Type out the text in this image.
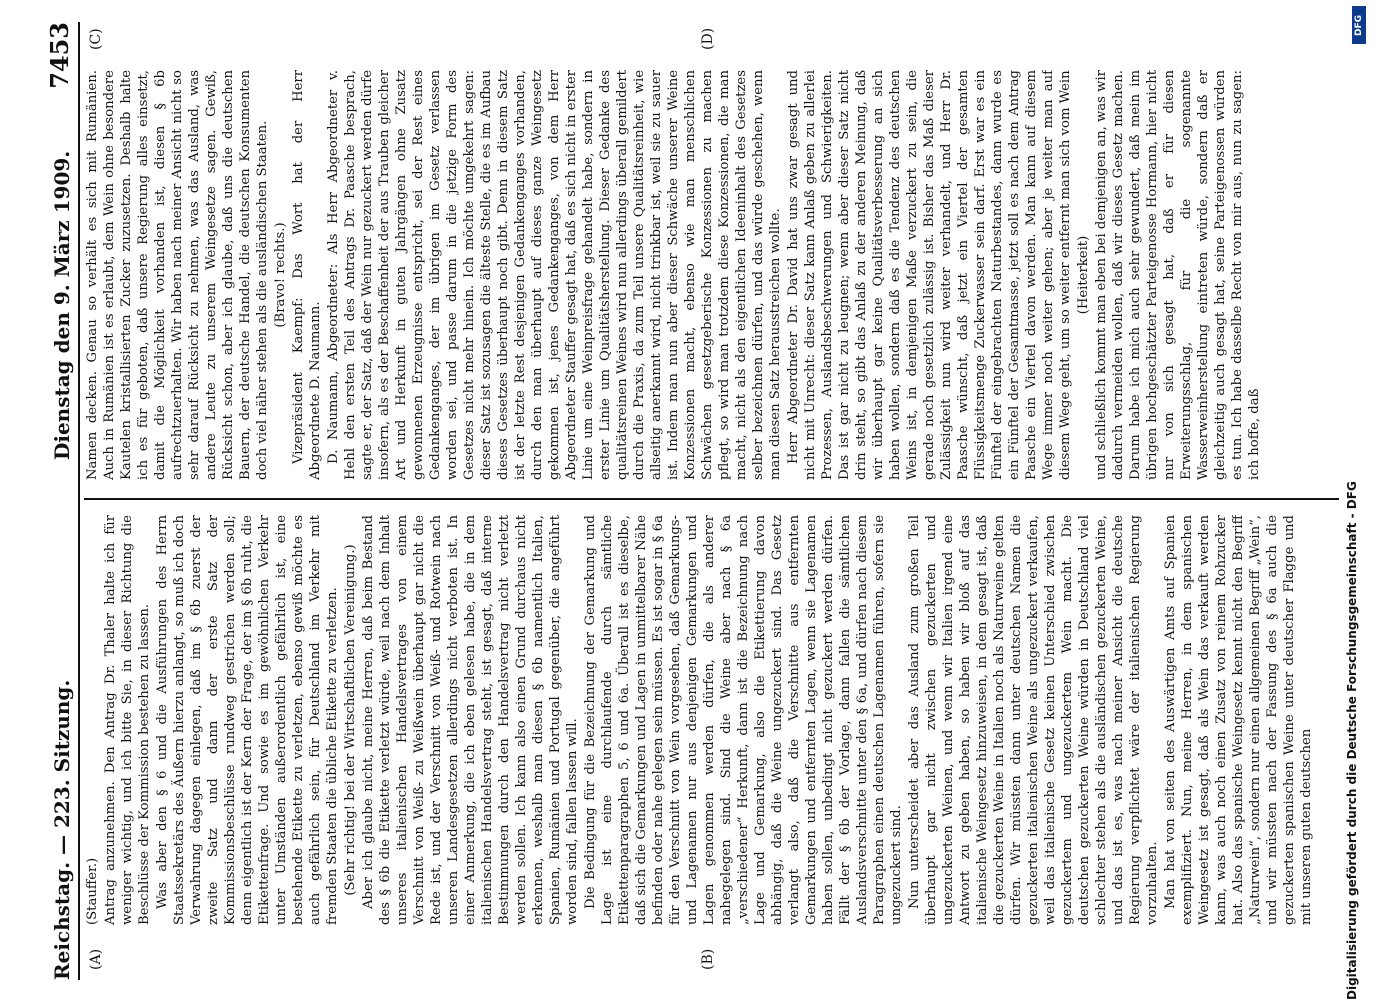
Reichstag. — 223. Sitzung.
Dienstag den 9. März 1909.
7453
(A)	(B)
(C)	(D)

(Stauffer.) Antrag anzunehmen. Den Antrag Dr. Thaler halte ich für weniger wichtig, und ich bitte Sie, in dieser Richtung die Beschlüsse der Kommission bestehen zu lassen. Was aber den § 6 und die Ausführungen des Herrn Staatssekretärs des Äußern hierzu anlangt, so muß ich doch Verwahrung dagegen einlegen, daß im § 6b zuerst der zweite Satz und dann der erste Satz der Kommissionsbeschlüsse rundweg gestrichen werden soll; denn eigentlich ist der Kern der Frage, der im § 6b ruht, die Etikettenfrage. Und sowie es im gewöhnlichen Verkehr unter Umständen außerordentlich gefährlich ist, eine bestehende Etikette zu verletzen, ebenso gewiß möchte es auch gefährlich sein, für Deutschland im Verkehr mit fremden Staaten die übliche Etikette zu verletzen. (Sehr richtig! bei der Wirtschaftlichen Vereinigung.) Aber ich glaube nicht, meine Herren, daß beim Bestand des § 6b die Etikette verletzt würde, weil nach dem Inhalt unseres italienischen Handelsvertrages von einem Verschnitt von Weiß- zu Weißwein überhaupt gar nicht die Rede ist, und der Verschnitt von Weiß- und Rotwein nach unseren Landesgesetzen allerdings nicht verboten ist. In einer Anmerkung, die ich eben gelesen habe, die in dem italienischen Handelsvertrag steht, ist gesagt, daß interne Bestimmungen durch den Handelsvertrag nicht verletzt werden sollen. Ich kann also einen Grund durchaus nicht erkennen, weshalb man diesen § 6b namentlich Italien, Spanien, Rumänien und Portugal gegenüber, die angeführt worden sind, fallen lassen will. Die Bedingung für die Bezeichnung der Gemarkung und Lage ist eine durchlaufende durch sämtliche Etikettenparagraphen 5, 6 und 6a. Überall ist es dieselbe, daß sich die Gemarkungen und Lagen in unmittelbarer Nähe befinden oder nahe gelegen sein müssen. Es ist sogar in § 6a für den Verschnitt von Wein vorgesehen, daß Gemarkungs- und Lagenamen nur aus denjenigen Gemarkungen und Lagen genommen werden dürfen, die als anderer nahegelegen sind. Sind die Weine aber nach § 6a „verschiedener“ Herkunft, dann ist die Bezeichnung nach Lage und Gemarkung, also die Etikettierung davon abhängig, daß die Weine ungezuckert sind. Das Gesetz verlangt also, daß die Verschnitte aus entfernten Gemarkungen und entfernten Lagen, wenn sie Lagenamen haben sollen, unbedingt nicht gezuckert werden dürfen. Fällt der § 6b der Vorlage, dann fallen die sämtlichen Auslandsverschnitte unter den § 6a, und dürfen nach diesem Paragraphen einen deutschen Lagenamen führen, sofern sie ungezuckert sind. Nun unterscheidet aber das Ausland zum großen Teil überhaupt gar nicht zwischen gezuckerten und ungezuckerten Weinen, und wenn wir Italien irgend eine Antwort zu geben haben, so haben wir bloß auf das italienische Weingesetz hinzuweisen, in dem gesagt ist, daß die gezuckerten Weine in Italien noch als Naturweine gelten dürfen. Wir müssten dann unter deutschen Namen die gezuckerten italienischen Weine als ungezuckert verkaufen, weil das italienische Gesetz keinen Unterschied zwischen gezuckertem und ungezuckertem Wein macht. Die deutschen gezuckerten Weine würden in Deutschland viel schlechter stehen als die ausländischen gezuckerten Weine, und das ist es, was nach meiner Ansicht die deutsche Regierung verpflichtet wäre der italienischen Regierung vorzuhalten. Man hat von seiten des Auswärtigen Amts auf Spanien exemplifiziert. Nun, meine Herren, in dem spanischen Weingesetz ist gesagt, daß als Wein das verkauft werden kann, was auch noch einen Zusatz von reinem Rohzucker hat. Also das spanische Weingesetz kennt nicht den Begriff „Naturwein“, sondern nur einen allgemeinen Begriff „Wein“, und wir müssten nach der Fassung des § 6a auch die gezuckerten spanischen Weine unter deutscher Flagge und mit unseren guten deutschen

Namen decken. Genau so verhält es sich mit Rumänien. Auch in Rumänien ist es erlaubt, dem Wein ohne besondere Kautelen kristallisierten Zucker zuzusetzen. Deshalb halte ich es für geboten, daß unsere Regierung alles einsetzt, damit die Möglichkeit vorhanden ist, diesen § 6b aufrechtzuerhalten. Wir haben nach meiner Ansicht nicht so sehr darauf Rücksicht zu nehmen, was das Ausland, was andere Leute zu unserem Weingesetze sagen. Gewiß, Rücksicht schon, aber ich glaube, daß uns die deutschen Bauern, der deutsche Handel, die deutschen Konsumenten doch viel näher stehen als die ausländischen Staaten. (Bravo! rechts.) Vizepräsident Kaempf: Das Wort hat der Herr Abgeordnete D. Naumann. D. Naumann, Abgeordneter: Als Herr Abgeordneter v. Hehl den ersten Teil des Antrags Dr. Paasche besprach, sagte er, der Satz, daß der Wein nur gezuckert werden dürfe insofern, als es der Beschaffenheit der aus Trauben gleicher Art und Herkunft in guten Jahrgängen ohne Zusatz gewonnenen Erzeugnisse entspricht, sei der Rest eines Gedankenganges, der im übrigen im Gesetz verlassen worden sei, und passe darum in die jetzige Form des Gesetzes nicht mehr hinein. Ich möchte umgekehrt sagen: dieser Satz ist sozusagen die älteste Stelle, die es im Aufbau dieses Gesetzes überhaupt noch gibt. Denn in diesem Satz ist der letzte Rest desjenigen Gedankenganges vorhanden, durch den man überhaupt auf dieses ganze Weingesetz gekommen ist, jenes Gedankenganges, von dem Herr Abgeordneter Stauffer gesagt hat, daß es sich nicht in erster Linie um eine Weinpreisfrage gehandelt habe, sondern in erster Linie um Qualitätsherstellung. Dieser Gedanke des qualitätsreinen Weines wird nun allerdings überall gemildert durch die Praxis, da zum Teil unsere Qualitätsreinheit, wie allseitig anerkannt wird, nicht trinkbar ist, weil sie zu sauer ist. Indem man nun aber dieser Schwäche unserer Weine Konzessionen macht, ebenso wie man menschlichen Schwächen gesetzgeberische Konzessionen zu machen pflegt, so wird man trotzdem diese Konzessionen, die man macht, nicht als den eigentlichen Ideeninhalt des Gesetzes selber bezeichnen dürfen, und das würde geschehen, wenn man diesen Satz herausstreichen wollte. Herr Abgeordneter Dr. David hat uns zwar gesagt und nicht mit Unrecht: dieser Satz kann Anlaß geben zu allerlei Prozessen, Auslandsbeschwerungen und Schwierigkeiten. Das ist gar nicht zu leugnen; wenn aber dieser Satz nicht drin steht, so gibt das Anlaß zu der anderen Meinung, daß wir überhaupt gar keine Qualitätsverbesserung an sich haben wollen, sondern daß es die Tendenz des deutschen Weins ist, in demjenigen Maße verzuckert zu sein, die gerade noch gesetzlich zulässig ist. Bisher das Maß dieser Zulässigkeit nun wird weiter verhandelt, und Herr Dr. Paasche wünscht, daß jetzt ein Viertel der gesamten Flüssigkeitsmenge Zuckerwasser sein darf. Erst war es ein Fünftel der eingebrachten Naturbestandes, dann wurde es ein Fünftel der Gesamtmasse, jetzt soll es nach dem Antrag Paasche ein Viertel davon werden. Man kann auf diesem Wege immer noch weiter gehen; aber je weiter man auf diesem Wege geht, um so weiter entfernt man sich vom Wein (Heiterkeit) und schließlich kommt man eben bei demjenigen an, was wir dadurch vermeiden wollen, daß wir dieses Gesetz machen. Darum habe ich mich auch sehr gewundert, daß mein im übrigen hochgeschätzter Parteigenosse Hormann, hier nicht nur von sich gesagt hat, daß er für diesen Erweiterungsschlag, für die sogenannte Wasserweinherstellung eintreten würde, sondern daß er gleichzeitig auch gesagt hat, seine Parteigenossen würden es tun. Ich habe dasselbe Recht von mir aus, nun zu sagen: ich hoffe, daß

DFG
Digitalisierung gefördert durch die Deutsche Forschungsgemeinschaft - DFG
